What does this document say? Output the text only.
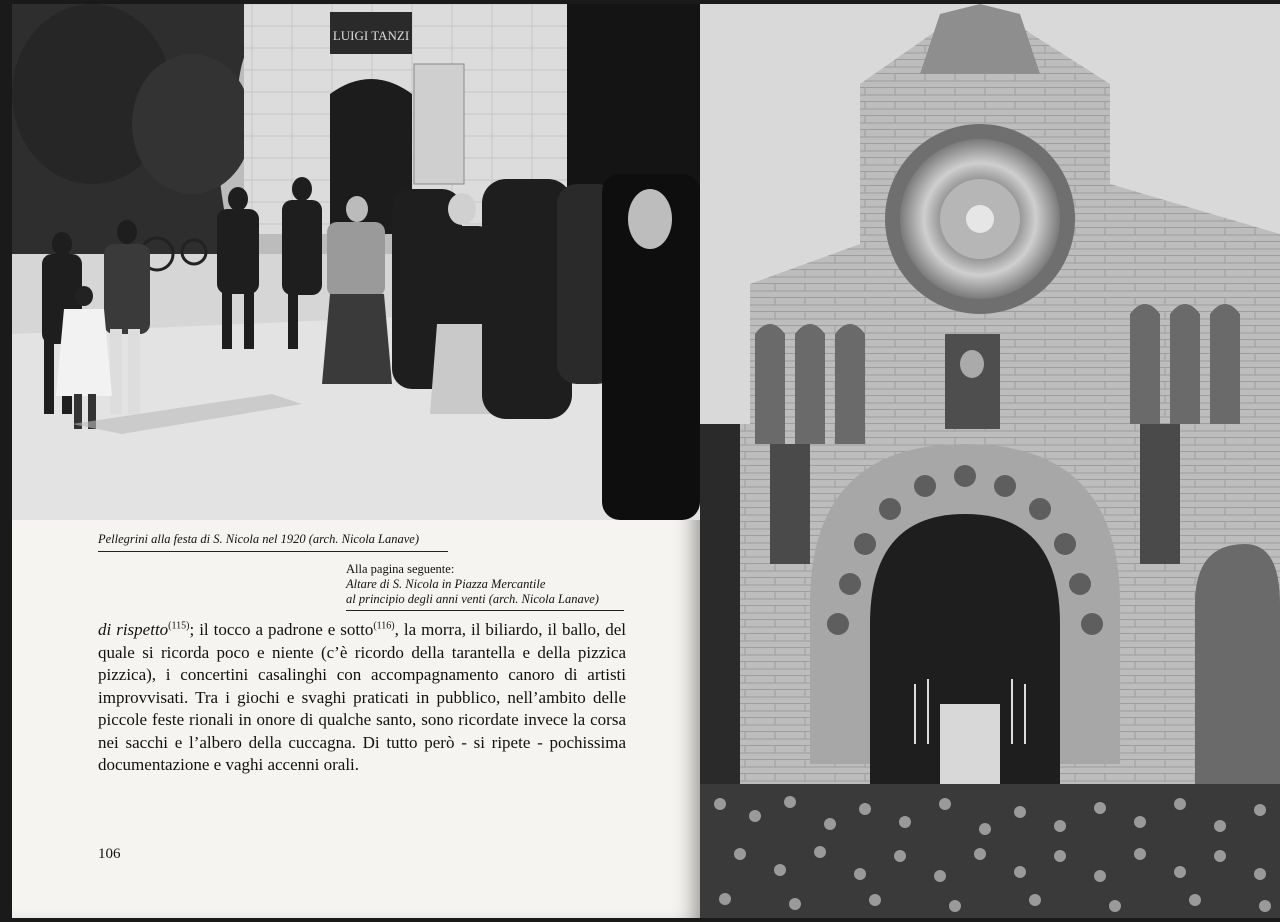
LUIGI TANZI
Pellegrini alla festa di S. Nicola nel 1920 (arch. Nicola Lanave)
Alla pagina seguente:
Altare di S. Nicola in Piazza Mercantile
al principio degli anni venti (arch. Nicola Lanave)

di rispetto$^{(115)}$; il tocco a padrone e sotto$^{(116)}$, la morra, il biliardo, il ballo, del quale si ricorda poco e niente (c’è ricordo della tarantella e della pizzica pizzica), i concertini casalinghi con accompagnamento canoro di artisti improvvisati. Tra i giochi e svaghi praticati in pubblico, nell’ambito delle piccole feste rionali in onore di qualche santo, sono ricordate invece la corsa nei sacchi e l’albero della cuccagna. Di tutto però - si ripete - pochissima documentazione e vaghi accenni orali.

106
